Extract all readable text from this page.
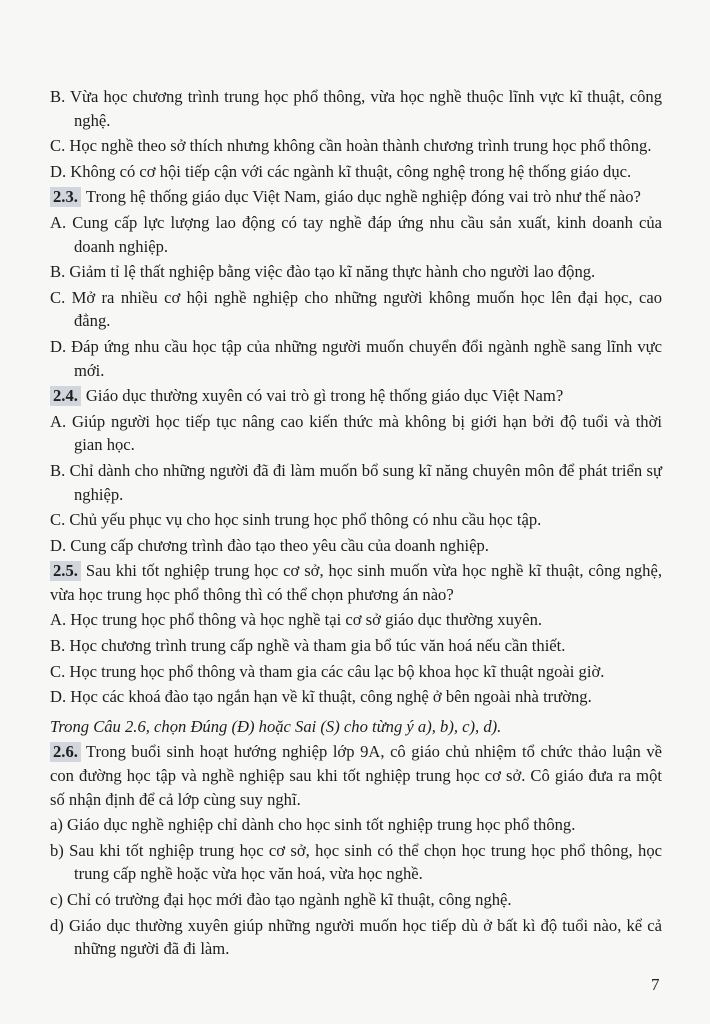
B. Vừa học chương trình trung học phổ thông, vừa học nghề thuộc lĩnh vực kĩ thuật, công nghệ.

C. Học nghề theo sở thích nhưng không cần hoàn thành chương trình trung học phổ thông.

D. Không có cơ hội tiếp cận với các ngành kĩ thuật, công nghệ trong hệ thống giáo dục.

2.3. Trong hệ thống giáo dục Việt Nam, giáo dục nghề nghiệp đóng vai trò như thế nào?

A. Cung cấp lực lượng lao động có tay nghề đáp ứng nhu cầu sản xuất, kinh doanh của doanh nghiệp.

B. Giảm tỉ lệ thất nghiệp bằng việc đào tạo kĩ năng thực hành cho người lao động.

C. Mở ra nhiều cơ hội nghề nghiệp cho những người không muốn học lên đại học, cao đẳng.

D. Đáp ứng nhu cầu học tập của những người muốn chuyển đổi ngành nghề sang lĩnh vực mới.

2.4. Giáo dục thường xuyên có vai trò gì trong hệ thống giáo dục Việt Nam?

A. Giúp người học tiếp tục nâng cao kiến thức mà không bị giới hạn bởi độ tuổi và thời gian học.

B. Chỉ dành cho những người đã đi làm muốn bổ sung kĩ năng chuyên môn để phát triển sự nghiệp.

C. Chủ yếu phục vụ cho học sinh trung học phổ thông có nhu cầu học tập.

D. Cung cấp chương trình đào tạo theo yêu cầu của doanh nghiệp.

2.5. Sau khi tốt nghiệp trung học cơ sở, học sinh muốn vừa học nghề kĩ thuật, công nghệ, vừa học trung học phổ thông thì có thể chọn phương án nào?

A. Học trung học phổ thông và học nghề tại cơ sở giáo dục thường xuyên.

B. Học chương trình trung cấp nghề và tham gia bổ túc văn hoá nếu cần thiết.

C. Học trung học phổ thông và tham gia các câu lạc bộ khoa học kĩ thuật ngoài giờ.

D. Học các khoá đào tạo ngắn hạn về kĩ thuật, công nghệ ở bên ngoài nhà trường.

Trong Câu 2.6, chọn Đúng (Đ) hoặc Sai (S) cho từng ý a), b), c), d).

2.6. Trong buổi sinh hoạt hướng nghiệp lớp 9A, cô giáo chủ nhiệm tổ chức thảo luận về con đường học tập và nghề nghiệp sau khi tốt nghiệp trung học cơ sở. Cô giáo đưa ra một số nhận định để cả lớp cùng suy nghĩ.

a) Giáo dục nghề nghiệp chỉ dành cho học sinh tốt nghiệp trung học phổ thông.

b) Sau khi tốt nghiệp trung học cơ sở, học sinh có thể chọn học trung học phổ thông, học trung cấp nghề hoặc vừa học văn hoá, vừa học nghề.

c) Chỉ có trường đại học mới đào tạo ngành nghề kĩ thuật, công nghệ.

d) Giáo dục thường xuyên giúp những người muốn học tiếp dù ở bất kì độ tuổi nào, kể cả những người đã đi làm.

7
